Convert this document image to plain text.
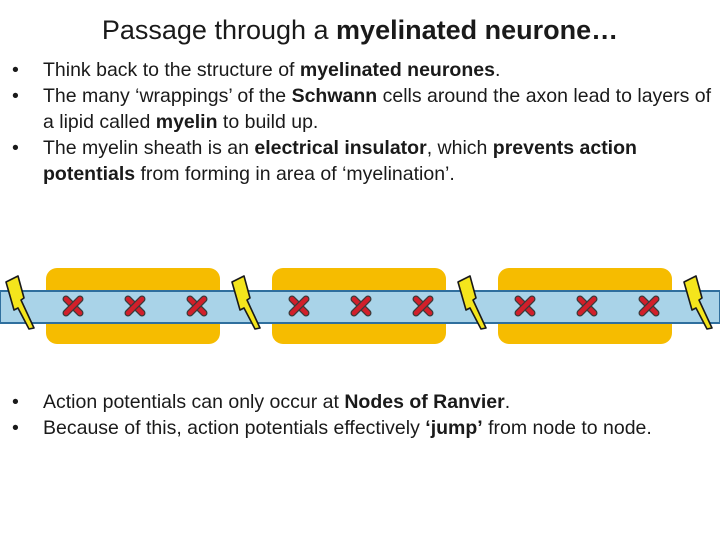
Passage through a myelinated neurone…
• Think back to the structure of myelinated neurones.
• The many ‘wrappings’ of the Schwann cells around the axon lead to layers of a lipid called myelin to build up.
• The myelin sheath is an electrical insulator, which prevents action potentials from forming in area of ‘myelination’.
• Action potentials can only occur at Nodes of Ranvier.
• Because of this, action potentials effectively ‘jump’ from node to node.
